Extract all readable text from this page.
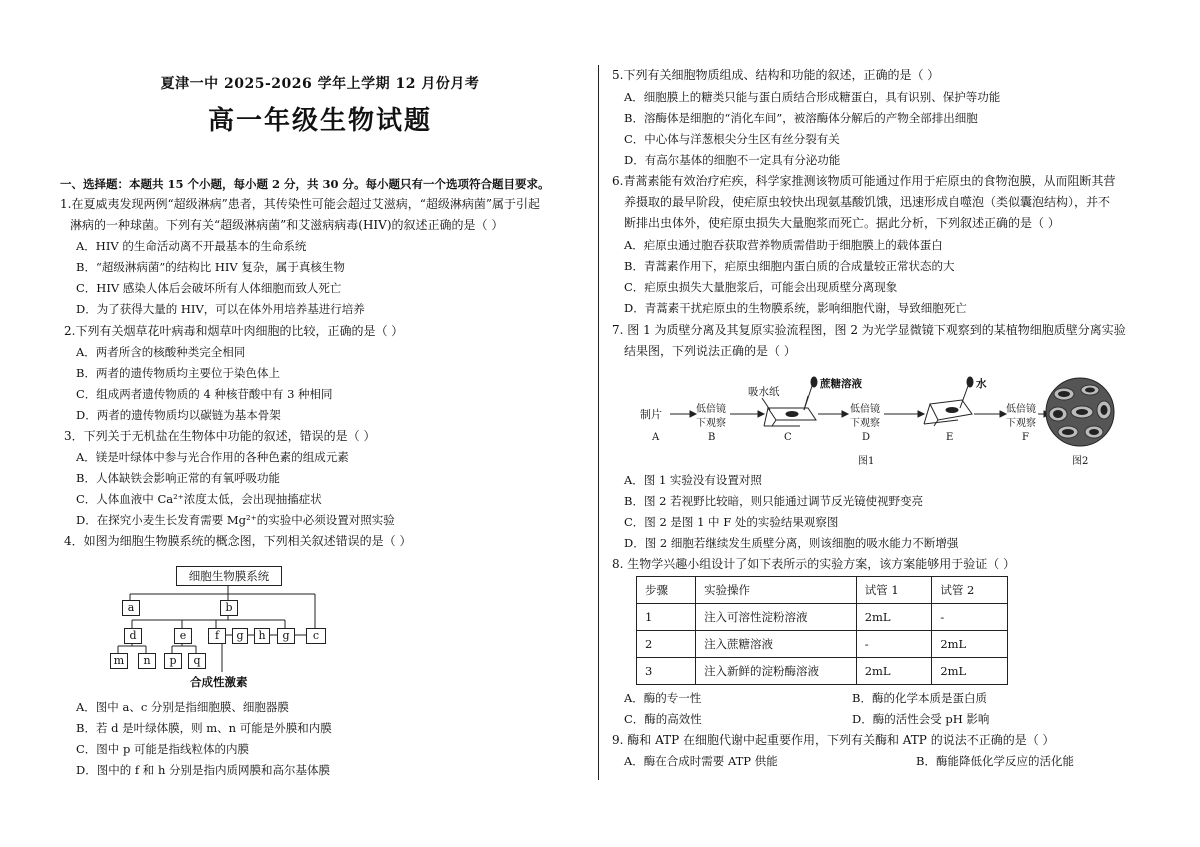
夏津一中 2025-2026 学年上学期 12 月份月考
高一年级生物试题
一、选择题：本题共 15 个小题，每小题 2 分，共 30 分。每小题只有一个选项符合题目要求。
1.在夏威夷发现两例“超级淋病”患者，其传染性可能会超过艾滋病，“超级淋病菌”属于引起
淋病的一种球菌。下列有关“超级淋病菌”和艾滋病病毒(HIV)的叙述正确的是（ ）
A．HIV 的生命活动离不开最基本的生命系统
B．“超级淋病菌”的结构比 HIV 复杂，属于真核生物
C．HIV 感染人体后会破坏所有人体细胞而致人死亡
D．为了获得大量的 HIV，可以在体外用培养基进行培养
2.下列有关烟草花叶病毒和烟草叶肉细胞的比较，正确的是（ ）
A．两者所含的核酸种类完全相同
B．两者的遗传物质均主要位于染色体上
C．组成两者遗传物质的 4 种核苷酸中有 3 种相同
D．两者的遗传物质均以碳链为基本骨架
3．下列关于无机盐在生物体中功能的叙述，错误的是（ ）
A．镁是叶绿体中参与光合作用的各种色素的组成元素
B．人体缺铁会影响正常的有氧呼吸功能
C．人体血液中 Ca²⁺浓度太低，会出现抽搐症状
D．在探究小麦生长发育需要 Mg²⁺的实验中必须设置对照实验
4．如图为细胞生物膜系统的概念图，下列相关叙述错误的是（ ）
细胞生物膜系统
a	b
d	e	f	g	h	g	c
m	n	p	q
合成性激素
A．图中 a、c 分别是指细胞膜、细胞器膜
B．若 d 是叶绿体膜，则 m、n 可能是外膜和内膜
C．图中 p 可能是指线粒体的内膜
D．图中的 f 和 h 分别是指内质网膜和高尔基体膜
5.下列有关细胞物质组成、结构和功能的叙述，正确的是（ ）
A．细胞膜上的糖类只能与蛋白质结合形成糖蛋白，具有识别、保护等功能
B．溶酶体是细胞的“消化车间”，被溶酶体分解后的产物全部排出细胞
C．中心体与洋葱根尖分生区有丝分裂有关
D．有高尔基体的细胞不一定具有分泌功能
6.青蒿素能有效治疗疟疾，科学家推测该物质可能通过作用于疟原虫的食物泡膜，从而阻断其营
养摄取的最早阶段，使疟原虫较快出现氨基酸饥饿，迅速形成自噬泡（类似囊泡结构），并不
断排出虫体外，使疟原虫损失大量胞浆而死亡。据此分析，下列叙述正确的是（ ）
A．疟原虫通过胞吞获取营养物质需借助于细胞膜上的载体蛋白
B．青蒿素作用下，疟原虫细胞内蛋白质的合成量较正常状态的大
C．疟原虫损失大量胞浆后，可能会出现质壁分离现象
D．青蒿素干扰疟原虫的生物膜系统，影响细胞代谢，导致细胞死亡
7. 图 1 为质壁分离及其复原实验流程图，图 2 为光学显微镜下观察到的某植物细胞质壁分离实验
结果图，下列说法正确的是（ ）
制片	低倍镜
下观察
吸水纸
蔗糖溶液
低倍镜
下观察
水
低倍镜
下观察
A	B	C	D	E	F
图1	图2
A．图 1 实验没有设置对照
B．图 2 若视野比较暗，则只能通过调节反光镜使视野变亮
C．图 2 是图 1 中 F 处的实验结果观察图
D．图 2 细胞若继续发生质壁分离，则该细胞的吸水能力不断增强
8. 生物学兴趣小组设计了如下表所示的实验方案，该方案能够用于验证（ ）
步骤	实验操作	试管 1	试管 2
1	注入可溶性淀粉溶液	2mL	-
2	注入蔗糖溶液	-	2mL
3	注入新鲜的淀粉酶溶液	2mL	2mL
A．酶的专一性	B．酶的化学本质是蛋白质
C．酶的高效性	D．酶的活性会受 pH 影响
9. 酶和 ATP 在细胞代谢中起重要作用，下列有关酶和 ATP 的说法不正确的是（ ）
A．酶在合成时需要 ATP 供能	B．酶能降低化学反应的活化能
